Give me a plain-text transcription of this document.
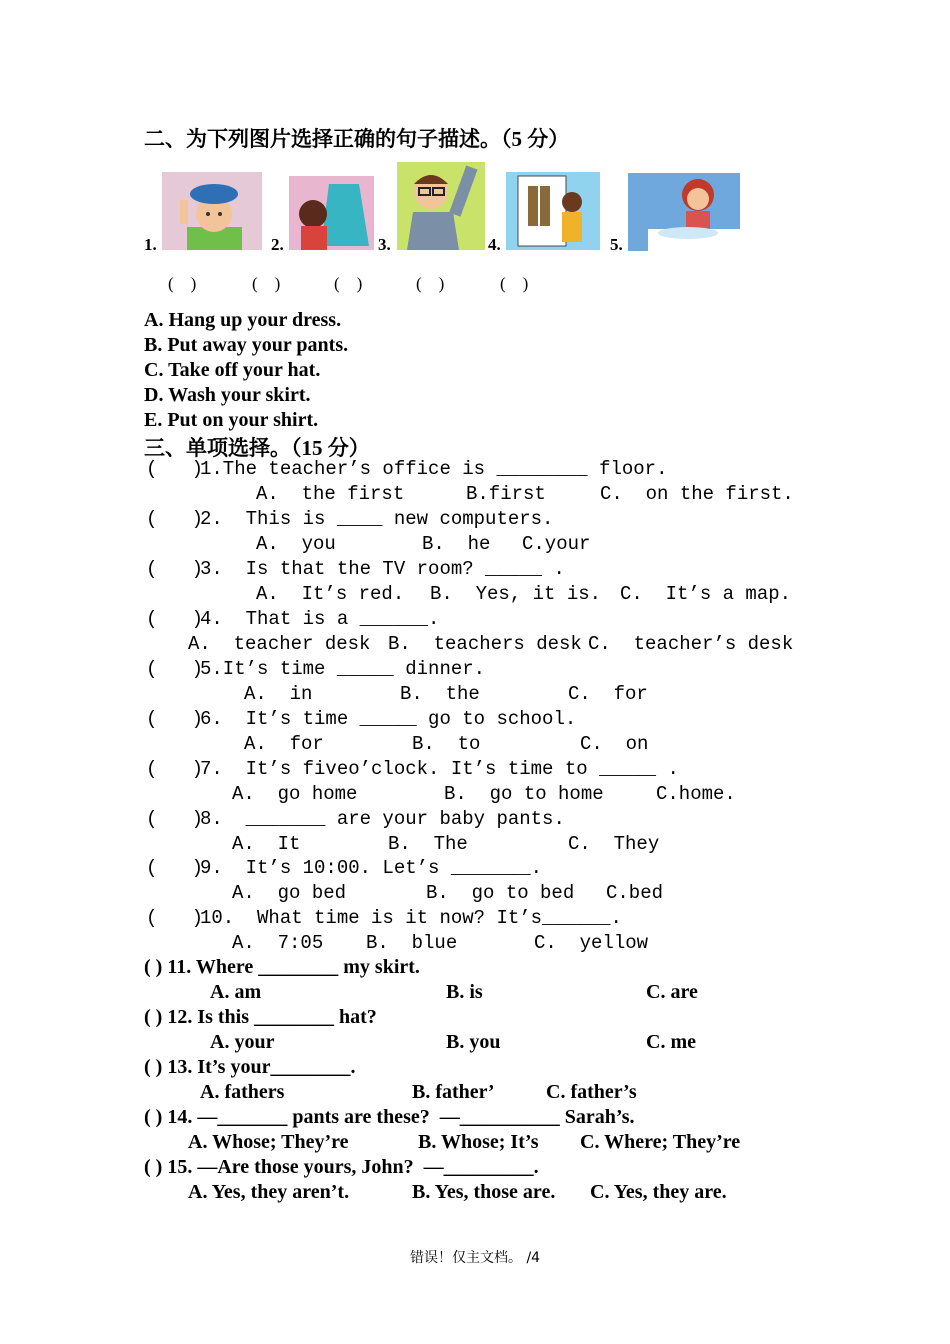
二、为下列图片选择正确的句子描述。（5 分）
1.	2.	3.	4.	5.
(    )	(    )	(    )	(    )	(    )
A. Hang up your dress.
B. Put away your pants.
C. Take off your hat.
D. Wash your skirt.
E. Put on your shirt.
三、单项选择。（15 分）
(   )
1.The teacher’s office is ________ floor.
A.  the first	B.first	C.  on the first.
(   )
2.  This is ____ new computers.
A.  you	B.  he C.your
(   )
3.  Is that the TV room? _____ .
A.  It’s red. B.  Yes, it is. C.  It’s a map.
(   )
4.  That is a ______.
A.  teacher desk B.  teachers desk C.  teacher’s desk
(   )
5.It’s time _____ dinner.
A.  in	B.  the	C.  for
(   )
6.  It’s time _____ go to school.
A.  for	B.  to	C.  on
(   )
7.  It’s fiveo’clock. It’s time to _____ .
A.  go home	B.  go to home	C.home.
(   )
8.  _______ are your baby pants.
A.  It	B.  The	C.  They
(   )
9.  It’s 10:00. Let’s _______.
A.  go bed	B.  go to bed C.bed
(   )
10.  What time is it now? It’s______.
A.  7:05 B.  blue	C.  yellow
( ) 11. Where ________ my skirt.
A. am	B. is	C. are
( ) 12. Is this ________ hat?
A. your	B. you	C. me
( ) 13. It’s your________.
A. fathers	B. father’	C. father’s
( ) 14. —_______ pants are these?  —__________ Sarah’s.
A. Whose; They’re	B. Whose; It’s C. Where; They’re
( ) 15. —Are those yours, John?  —_________.
A. Yes, they aren’t.	B. Yes, those are. C. Yes, they are.
错误！仅主文档。 /4
